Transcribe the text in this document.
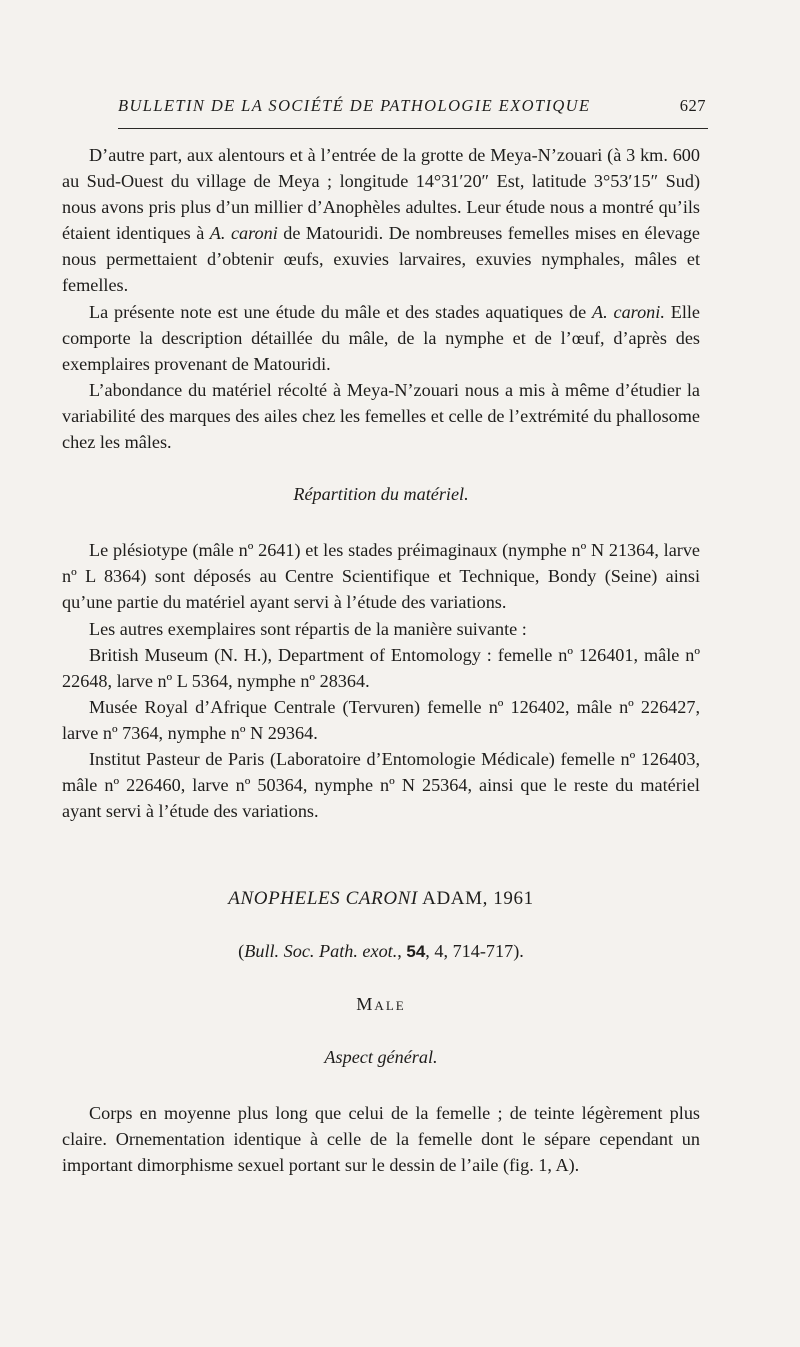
BULLETIN DE LA SOCIÉTÉ DE PATHOLOGIE EXOTIQUE	627

D’autre part, aux alentours et à l’entrée de la grotte de Meya-N’zouari (à 3 km. 600 au Sud-Ouest du village de Meya ; longitude 14°31′20″ Est, latitude 3°53′15″ Sud) nous avons pris plus d’un millier d’Anophèles adultes. Leur étude nous a montré qu’ils étaient identiques à A. caroni de Matouridi. De nombreuses femelles mises en élevage nous permettaient d’obtenir œufs, exuvies larvaires, exuvies nymphales, mâles et femelles.

La présente note est une étude du mâle et des stades aquatiques de A. caroni. Elle comporte la description détaillée du mâle, de la nymphe et de l’œuf, d’après des exemplaires provenant de Matouridi.

L’abondance du matériel récolté à Meya-N’zouari nous a mis à même d’étudier la variabilité des marques des ailes chez les femelles et celle de l’extrémité du phallosome chez les mâles.

Répartition du matériel.

Le plésiotype (mâle nº 2641) et les stades préimaginaux (nymphe nº N 21364, larve nº L 8364) sont déposés au Centre Scientifique et Technique, Bondy (Seine) ainsi qu’une partie du matériel ayant servi à l’étude des variations.

Les autres exemplaires sont répartis de la manière suivante :

British Museum (N. H.), Department of Entomology : femelle nº 126401, mâle nº 22648, larve nº L 5364, nymphe nº 28364.

Musée Royal d’Afrique Centrale (Tervuren) femelle nº 126402, mâle nº 226427, larve nº 7364, nymphe nº N 29364.

Institut Pasteur de Paris (Laboratoire d’Entomologie Médicale) femelle nº 126403, mâle nº 226460, larve nº 50364, nymphe nº N 25364, ainsi que le reste du matériel ayant servi à l’étude des variations.

ANOPHELES CARONI ADAM, 1961

(Bull. Soc. Path. exot., 54, 4, 714-717).

Male

Aspect général.

Corps en moyenne plus long que celui de la femelle ; de teinte légèrement plus claire. Ornementation identique à celle de la femelle dont le sépare cependant un important dimorphisme sexuel portant sur le dessin de l’aile (fig. 1, A).
